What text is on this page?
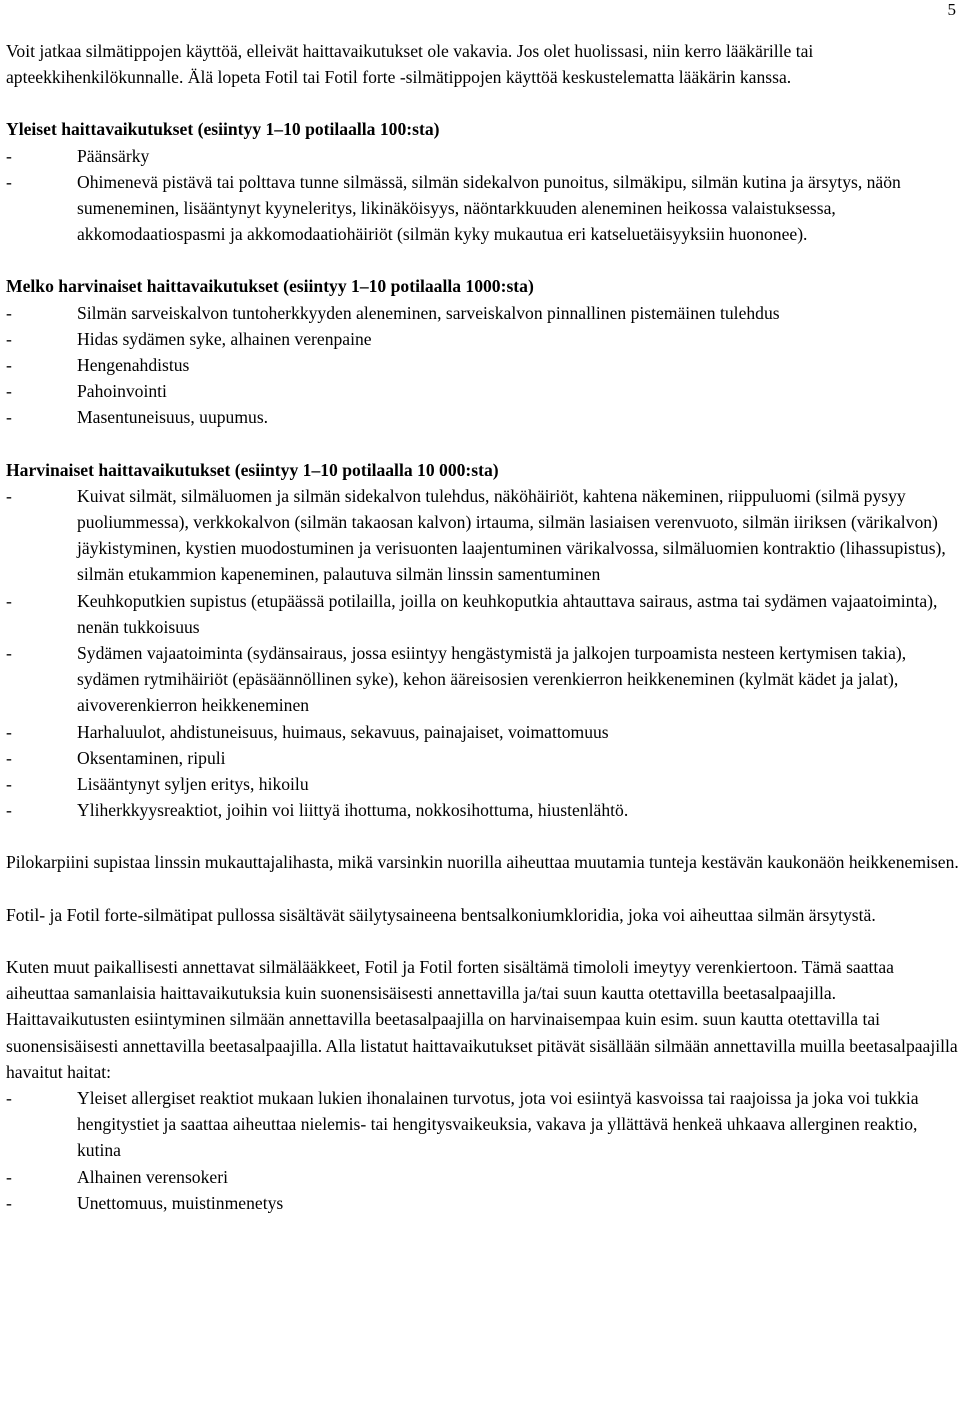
5

Voit jatkaa silmätippojen käyttöä, elleivät haittavaikutukset ole vakavia. Jos olet huolissasi, niin kerro lääkärille tai apteekkihenkilökunnalle. Älä lopeta Fotil tai Fotil forte -silmätippojen käyttöä keskustelematta lääkärin kanssa.

Yleiset haittavaikutukset (esiintyy 1–10 potilaalla 100:sta)

-	Päänsärky
-	Ohimenevä pistävä tai polttava tunne silmässä, silmän sidekalvon punoitus, silmäkipu, silmän kutina ja ärsytys, näön sumeneminen, lisääntynyt kyyneleritys, likinäköisyys, näöntarkkuuden aleneminen heikossa valaistuksessa, akkomodaatiospasmi ja akkomodaatiohäiriöt (silmän kyky mukautua eri katseluetäisyyksiin huononee).

Melko harvinaiset haittavaikutukset (esiintyy 1–10 potilaalla 1000:sta)

-	Silmän sarveiskalvon tuntoherkkyyden aleneminen, sarveiskalvon pinnallinen pistemäinen tulehdus
-	Hidas sydämen syke, alhainen verenpaine
-	Hengenahdistus
-	Pahoinvointi
-	Masentuneisuus, uupumus.

Harvinaiset haittavaikutukset (esiintyy 1–10 potilaalla 10 000:sta)

-	Kuivat silmät, silmäluomen ja silmän sidekalvon tulehdus, näköhäiriöt, kahtena näkeminen, riippuluomi (silmä pysyy puoliummessa), verkkokalvon (silmän takaosan kalvon) irtauma, silmän lasiaisen verenvuoto, silmän iiriksen (värikalvon) jäykistyminen, kystien muodostuminen ja verisuonten laajentuminen värikalvossa, silmäluomien kontraktio (lihassupistus), silmän etukammion kapeneminen, palautuva silmän linssin samentuminen
-	Keuhkoputkien supistus (etupäässä potilailla, joilla on keuhkoputkia ahtauttava sairaus, astma tai sydämen vajaatoiminta), nenän tukkoisuus
-	Sydämen vajaatoiminta (sydänsairaus, jossa esiintyy hengästymistä ja jalkojen turpoamista nesteen kertymisen takia), sydämen rytmihäiriöt (epäsäännöllinen syke), kehon ääreisosien verenkierron heikkeneminen (kylmät kädet ja jalat), aivoverenkierron heikkeneminen
-	Harhaluulot, ahdistuneisuus, huimaus, sekavuus, painajaiset, voimattomuus
-	Oksentaminen, ripuli
-	Lisääntynyt syljen eritys, hikoilu
-	Yliherkkyysreaktiot, joihin voi liittyä ihottuma, nokkosihottuma, hiustenlähtö.

Pilokarpiini supistaa linssin mukauttajalihasta, mikä varsinkin nuorilla aiheuttaa muutamia tunteja kestävän kaukonäön heikkenemisen.

Fotil- ja Fotil forte-silmätipat pullossa sisältävät säilytysaineena bentsalkoniumkloridia, joka voi aiheuttaa silmän ärsytystä.

Kuten muut paikallisesti annettavat silmälääkkeet, Fotil ja Fotil forten sisältämä timololi imeytyy verenkiertoon. Tämä saattaa aiheuttaa samanlaisia haittavaikutuksia kuin suonensisäisesti annettavilla ja/tai suun kautta otettavilla beetasalpaajilla. Haittavaikutusten esiintyminen silmään annettavilla beetasalpaajilla on harvinaisempaa kuin esim. suun kautta otettavilla tai suonensisäisesti annettavilla beetasalpaajilla. Alla listatut haittavaikutukset pitävät sisällään silmään annettavilla muilla beetasalpaajilla havaitut haitat:

-	Yleiset allergiset reaktiot mukaan lukien ihonalainen turvotus, jota voi esiintyä kasvoissa tai raajoissa ja joka voi tukkia hengitystiet ja saattaa aiheuttaa nielemis- tai hengitysvaikeuksia, vakava ja yllättävä henkeä uhkaava allerginen reaktio, kutina
-	Alhainen verensokeri
-	Unettomuus, muistinmenetys
